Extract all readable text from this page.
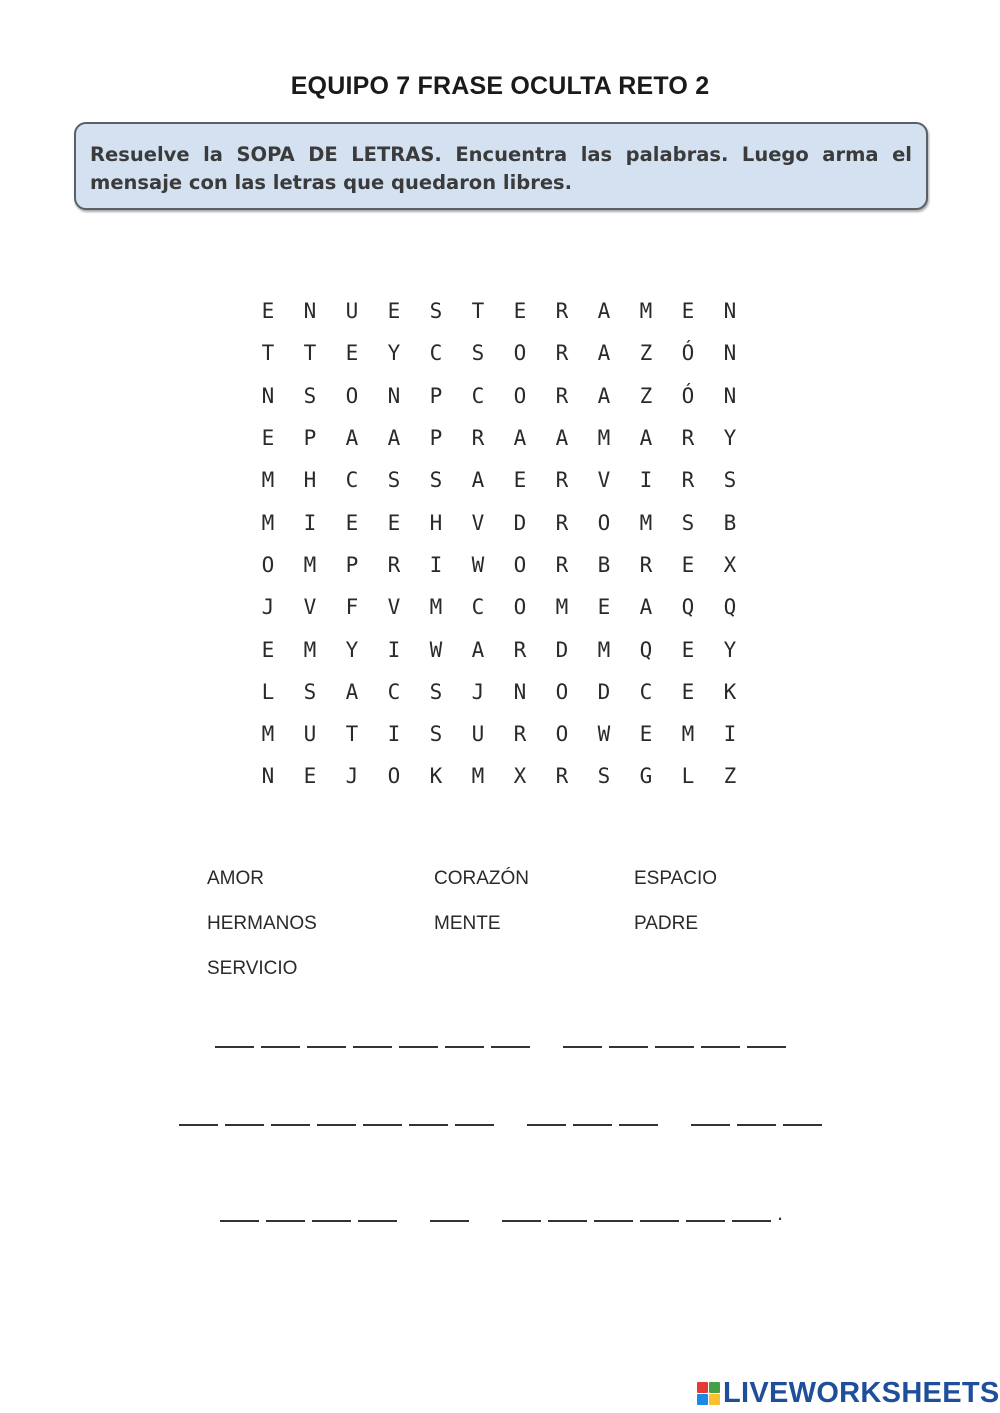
EQUIPO 7 FRASE OCULTA RETO 2

Resuelve la SOPA DE LETRAS. Encuentra las palabras. Luego arma el mensaje con las letras que quedaron libres.

E	N	U	E	S	T	E	R	A	M	E	N
T	T	E	Y	C	S	O	R	A	Z	Ó	N
N	S	O	N	P	C	O	R	A	Z	Ó	N
E	P	A	A	P	R	A	A	M	A	R	Y
M	H	C	S	S	A	E	R	V	I	R	S
M	I	E	E	H	V	D	R	O	M	S	B
O	M	P	R	I	W	O	R	B	R	E	X
J	V	F	V	M	C	O	M	E	A	Q	Q
E	M	Y	I	W	A	R	D	M	Q	E	Y
L	S	A	C	S	J	N	O	D	C	E	K
M	U	T	I	S	U	R	O	W	E	M	I
N	E	J	O	K	M	X	R	S	G	L	Z
AMOR	CORAZÓN	ESPACIO
HERMANOS	MENTE	PADRE
SERVICIO
.
LIVEWORKSHEETS
